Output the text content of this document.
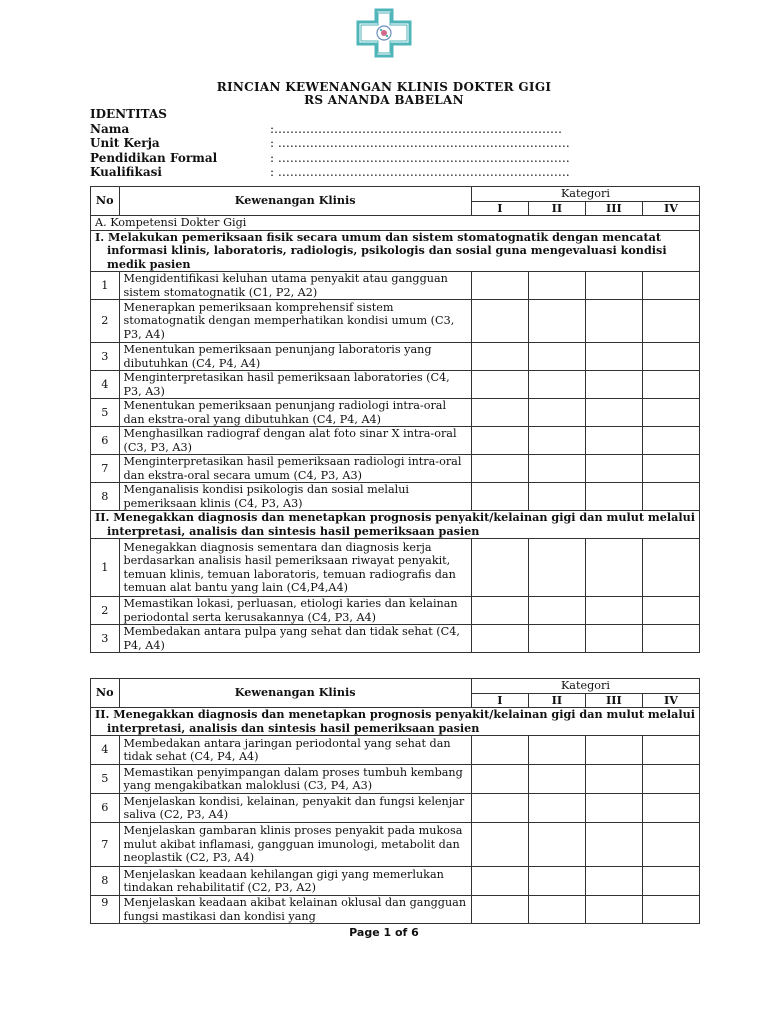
RINCIAN KEWENANGAN KLINIS DOKTER GIGI
RS ANANDA BABELAN
IDENTITAS
Nama	:………………………………………………………………
Unit Kerja	: ……………………………………………………………….
Pendidikan Formal	: ……………………………………………………………….
Kualifikasi	: ……………………………………………………………….
No	Kewenangan Klinis	Kategori			
		I	II	III	IV
A. Kompetensi Dokter Gigi					
I. Melakukan pemeriksaan fisik secara umum dan sistem stomatognatik dengan mencatat informasi klinis, laboratoris, radiologis, psikologis dan sosial guna mengevaluasi kondisi medik pasien					
1	Mengidentifikasi keluhan utama penyakit atau gangguan sistem stomatognatik (C1, P2, A2)				
2	Menerapkan pemeriksaan komprehensif sistem stomatognatik dengan memperhatikan kondisi umum (C3, P3, A4)				
3	Menentukan pemeriksaan penunjang laboratoris yang dibutuhkan (C4, P4, A4)				
4	Menginterpretasikan hasil pemeriksaan laboratories (C4, P3, A3)				
5	Menentukan pemeriksaan penunjang radiologi intra-oral dan ekstra-oral yang dibutuhkan (C4, P4, A4)				
6	Menghasilkan radiograf dengan alat foto sinar X intra-oral (C3, P3, A3)				
7	Menginterpretasikan hasil pemeriksaan radiologi intra-oral dan ekstra-oral secara umum (C4, P3, A3)				
8	Menganalisis kondisi psikologis dan sosial melalui pemeriksaan klinis (C4, P3, A3)				
II. Menegakkan diagnosis dan menetapkan prognosis penyakit/kelainan gigi dan mulut melalui interpretasi, analisis dan sintesis hasil pemeriksaan pasien					
1	Menegakkan diagnosis sementara dan diagnosis kerja berdasarkan analisis hasil pemeriksaan riwayat penyakit, temuan klinis, temuan laboratoris, temuan radiografis dan temuan alat bantu yang lain (C4,P4,A4)				
2	Memastikan lokasi, perluasan, etiologi karies dan kelainan periodontal serta kerusakannya (C4, P3, A4)				
3	Membedakan antara pulpa yang sehat dan tidak sehat (C4, P4, A4)				
No	Kewenangan Klinis	Kategori			
		I	II	III	IV
II. Menegakkan diagnosis dan menetapkan prognosis penyakit/kelainan gigi dan mulut melalui interpretasi, analisis dan sintesis hasil pemeriksaan pasien					
4	Membedakan antara jaringan periodontal yang sehat dan tidak sehat (C4, P4, A4)				
5	Memastikan penyimpangan dalam proses tumbuh kembang yang mengakibatkan maloklusi (C3, P4, A3)				
6	Menjelaskan kondisi, kelainan, penyakit dan fungsi kelenjar saliva (C2, P3, A4)				
7	Menjelaskan gambaran klinis proses penyakit pada mukosa mulut akibat inflamasi, gangguan imunologi, metabolit dan neoplastik (C2, P3, A4)				
8	Menjelaskan keadaan kehilangan gigi yang memerlukan tindakan rehabilitatif (C2, P3, A2)				
9	Menjelaskan keadaan akibat kelainan oklusal dan gangguan fungsi mastikasi dan kondisi yang				
Page 1 of 6
